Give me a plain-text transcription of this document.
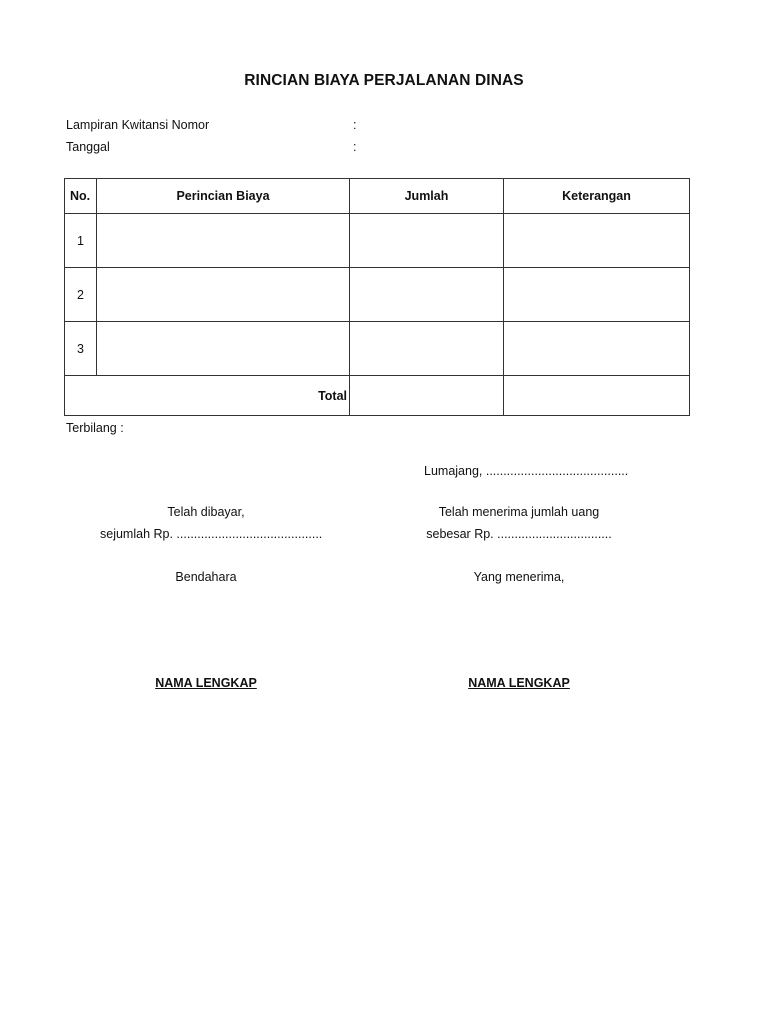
RINCIAN BIAYA PERJALANAN DINAS
Lampiran Kwitansi Nomor	:
Tanggal	:
No.	Perincian Biaya	Jumlah	Keterangan
1			
2			
3			
Total			
Terbilang :
Lumajang, .........................................
Telah dibayar,
sejumlah Rp. ..........................................
Bendahara
NAMA LENGKAP
Telah menerima jumlah uang
sebesar Rp. .................................
Yang menerima,
NAMA LENGKAP
